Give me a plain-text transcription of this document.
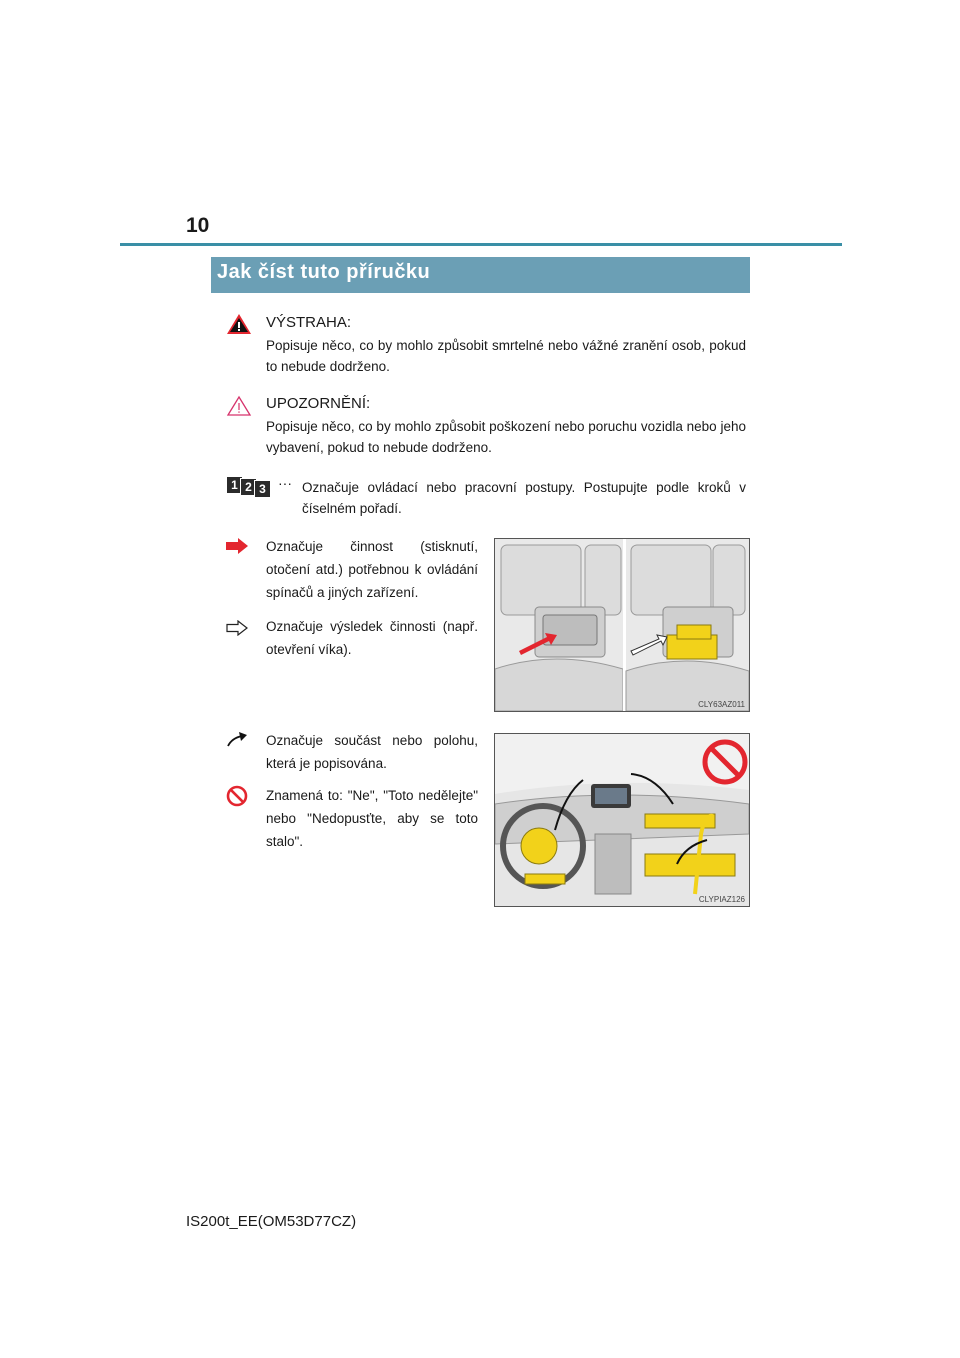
10
Jak číst tuto příručku
VÝSTRAHA:
Popisuje něco, co by mohlo způsobit smrtelné nebo vážné zranění osob, pokud to nebude dodrženo.
UPOZORNĚNÍ:
Popisuje něco, co by mohlo způsobit poškození nebo poruchu vozidla nebo jeho vybavení, pokud to nebude dodrženo.
1 2 3 ··· Označuje ovládací nebo pracovní postupy. Postupujte podle kroků v číselném pořadí.
Označuje činnost (stisknutí, otočení atd.) potřebnou k ovládání spínačů a jiných zařízení.
Označuje výsledek činnosti (např. otevření víka).
CLY63AZ011
Označuje součást nebo polohu, která je popisována.
Znamená to: "Ne", "Toto nedělejte" nebo "Nedopusťte, aby se toto stalo".
CLYPIAZ126
IS200t_EE(OM53D77CZ)
